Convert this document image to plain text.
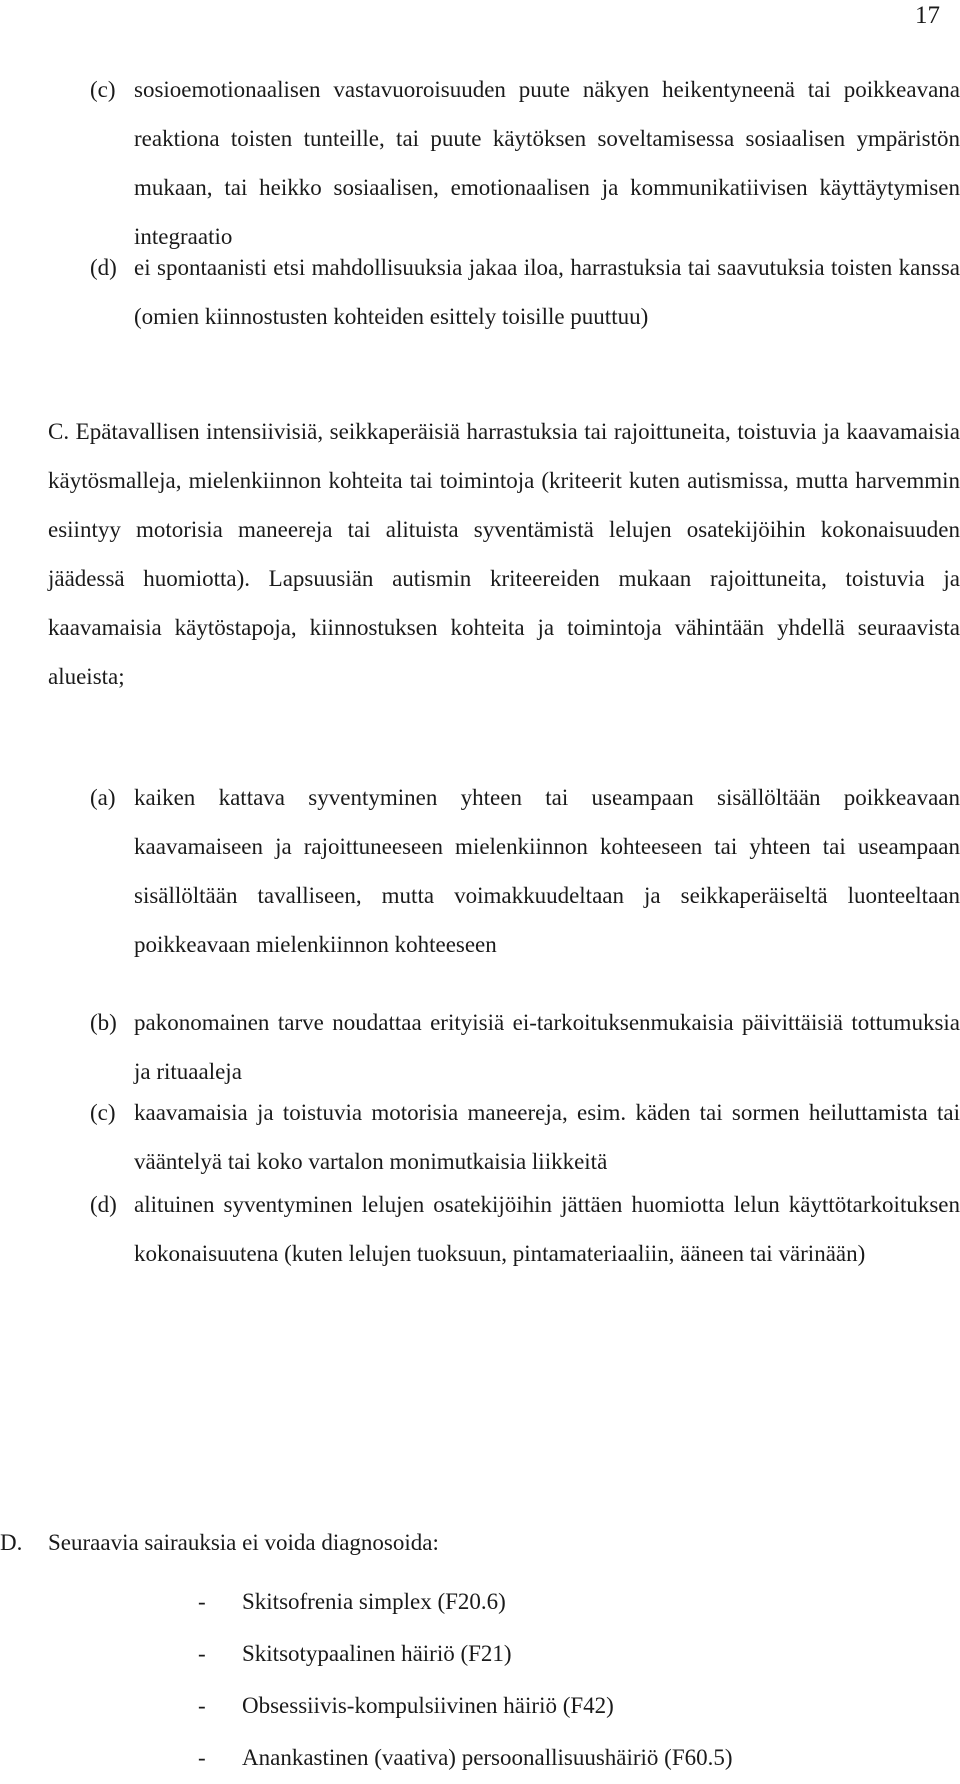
17
(c) sosioemotionaalisen vastavuoroisuuden puute näkyen heikentyneenä tai poikkeavana reaktiona toisten tunteille, tai puute käytöksen soveltamisessa sosiaalisen ympäristön mukaan, tai heikko sosiaalisen, emotionaalisen ja kommunikatiivisen käyttäytymisen integraatio
(d) ei spontaanisti etsi mahdollisuuksia jakaa iloa, harrastuksia tai saavutuksia toisten kanssa (omien kiinnostusten kohteiden esittely toisille puuttuu)
C. Epätavallisen intensiivisiä, seikkaperäisiä harrastuksia tai rajoittuneita, toistuvia ja kaavamaisia käytösmalleja, mielenkiinnon kohteita tai toimintoja (kriteerit kuten autismissa, mutta harvemmin esiintyy motorisia maneereja tai alituista syventämistä lelujen osatekijöihin kokonaisuuden jäädessä huomiotta). Lapsuusiän autismin kriteereiden mukaan rajoittuneita, toistuvia ja kaavamaisia käytöstapoja, kiinnostuksen kohteita ja toimintoja vähintään yhdellä seuraavista alueista;
(a) kaiken kattava syventyminen yhteen tai useampaan sisällöltään poikkeavaan kaavamaiseen ja rajoittuneeseen mielenkiinnon kohteeseen tai yhteen tai useampaan sisällöltään tavalliseen, mutta voimakkuudeltaan ja seikkaperäiseltä luonteeltaan poikkeavaan mielenkiinnon kohteeseen
(b) pakonomainen tarve noudattaa erityisiä ei-tarkoituksenmukaisia päivittäisiä tottumuksia ja rituaaleja
(c) kaavamaisia ja toistuvia motorisia maneereja, esim. käden tai sormen heiluttamista tai vääntelyä tai koko vartalon monimutkaisia liikkeitä
(d) alituinen syventyminen lelujen osatekijöihin jättäen huomiotta lelun käyttötarkoituksen kokonaisuutena (kuten lelujen tuoksuun, pintamateriaaliin, ääneen tai värinään)
D.	Seuraavia sairauksia ei voida diagnosoida:
-	Skitsofrenia simplex (F20.6)
-	Skitsotypaalinen häiriö (F21)
-	Obsessiivis-kompulsiivinen häiriö (F42)
-	Anankastinen (vaativa) persoonallisuushäiriö (F60.5)
